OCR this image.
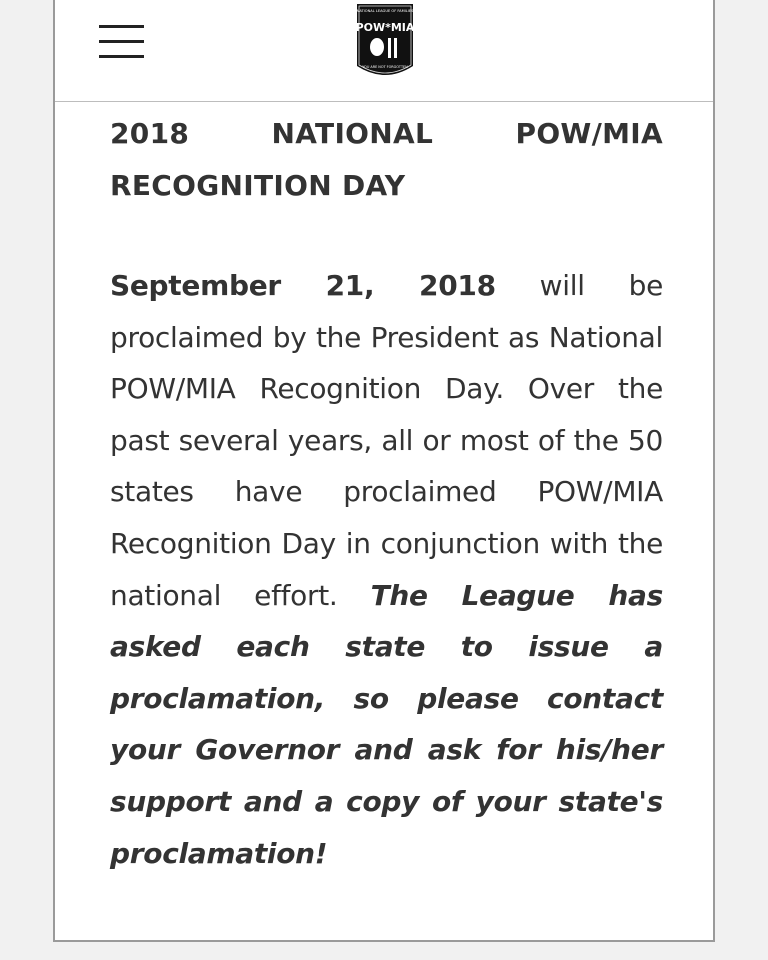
NATIONAL LEAGUE OF FAMILIES
POW*MIA
YOU ARE NOT FORGOTTEN
2018 NATIONAL POW/MIA RECOGNITION DAY

September 21, 2018 will be proclaimed by the President as National POW/MIA Recognition Day. Over the past several years, all or most of the 50 states have proclaimed POW/MIA Recognition Day in conjunction with the national effort. The League has asked each state to issue a proclamation, so please contact your Governor and ask for his/her support and a copy of your state's proclamation!
